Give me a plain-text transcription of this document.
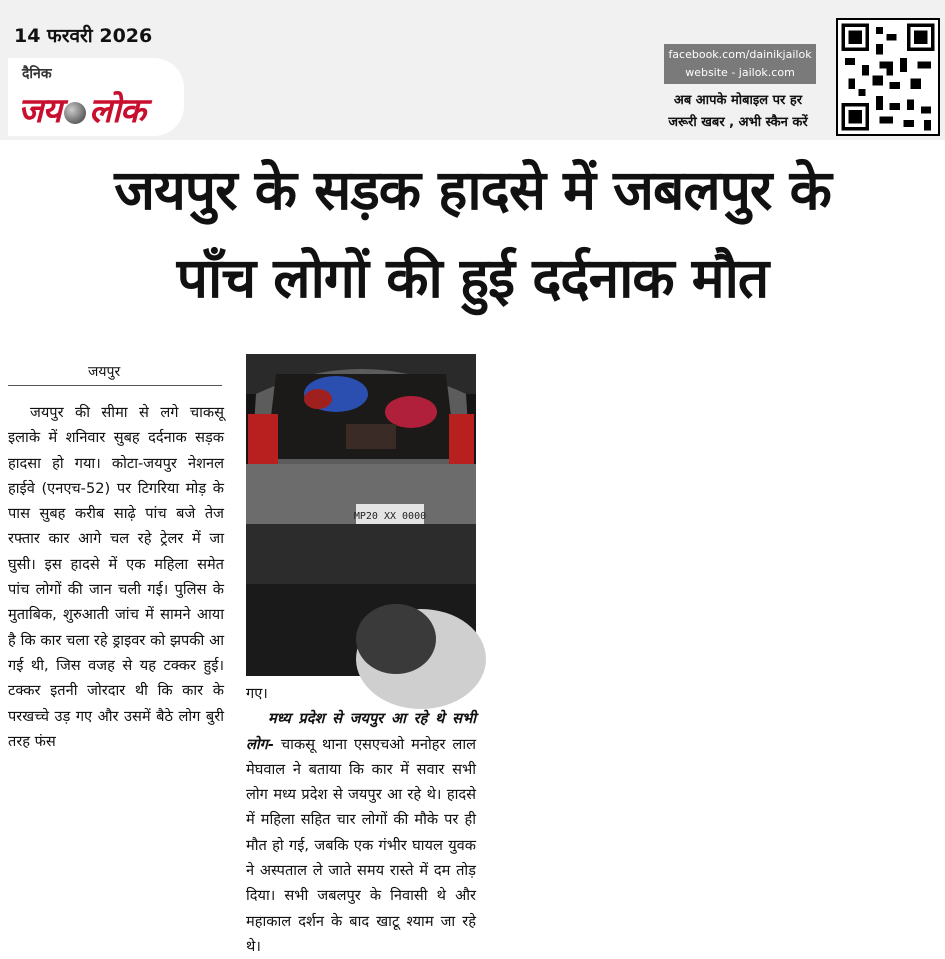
14 फरवरी 2026
दैनिक
जय लोक
facebook.com/dainikjailok
website - jailok.com
अब आपके मोबाइल पर हर
जरूरी खबर , अभी स्कैन करें
जयपुर के सड़क हादसे में जबलपुर के
पाँच लोगों की हुई दर्दनाक मौत
जयपुर

जयपुर की सीमा से लगे चाकसू इलाके में शनिवार सुबह दर्दनाक सड़क हादसा हो गया। कोटा-जयपुर नेशनल हाईवे (एनएच-52) पर टिगरिया मोड़ के पास सुबह करीब साढ़े पांच बजे तेज रफ्तार कार आगे चल रहे ट्रेलर में जा घुसी। इस हादसे में एक महिला समेत पांच लोगों की जान चली गई। पुलिस के मुताबिक, शुरुआती जांच में सामने आया है कि कार चला रहे ड्राइवर को झपकी आ गई थी, जिस वजह से यह टक्कर हुई। टक्कर इतनी जोरदार थी कि कार के परखच्चे उड़ गए और उसमें बैठे लोग बुरी तरह फंस

MP20 XX 0000

गए।

मध्य प्रदेश से जयपुर आ रहे थे सभी लोग- चाकसू थाना एसएचओ मनोहर लाल मेघवाल ने बताया कि कार में सवार सभी लोग मध्य प्रदेश से जयपुर आ रहे थे। हादसे में महिला सहित चार लोगों की मौके पर ही मौत हो गई, जबकि एक गंभीर घायल युवक ने अस्पताल ले जाते समय रास्ते में दम तोड़ दिया। सभी जबलपुर के निवासी थे और महाकाल दर्शन के बाद खाटू श्याम जा रहे थे।
